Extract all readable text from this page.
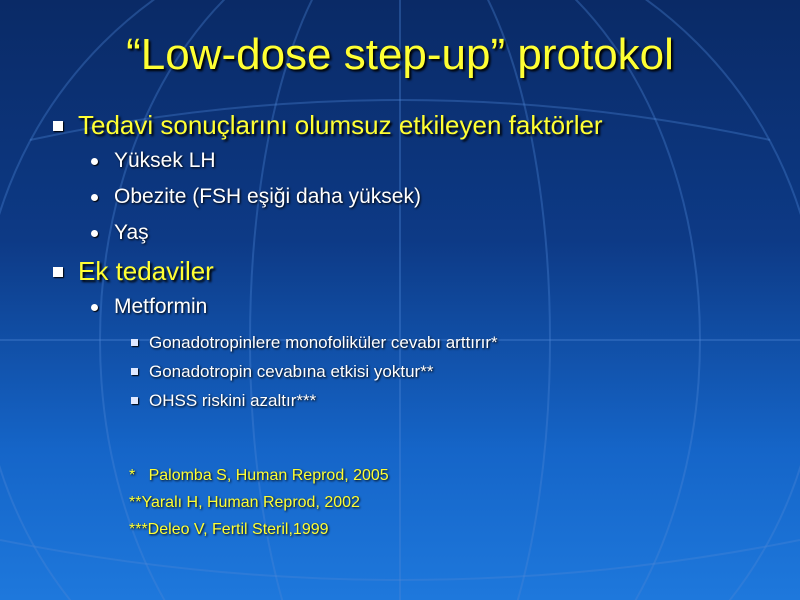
“Low-dose step-up” protokol
Tedavi sonuçlarını olumsuz etkileyen faktörler
Yüksek LH
Obezite (FSH eşiği daha yüksek)
Yaş
Ek tedaviler
Metformin
Gonadotropinlere monofoliküler cevabı arttırır*
Gonadotropin cevabına etkisi yoktur**
OHSS riskini azaltır***
*   Palomba S, Human Reprod, 2005
**Yaralı H, Human Reprod, 2002
***Deleo V, Fertil Steril,1999
